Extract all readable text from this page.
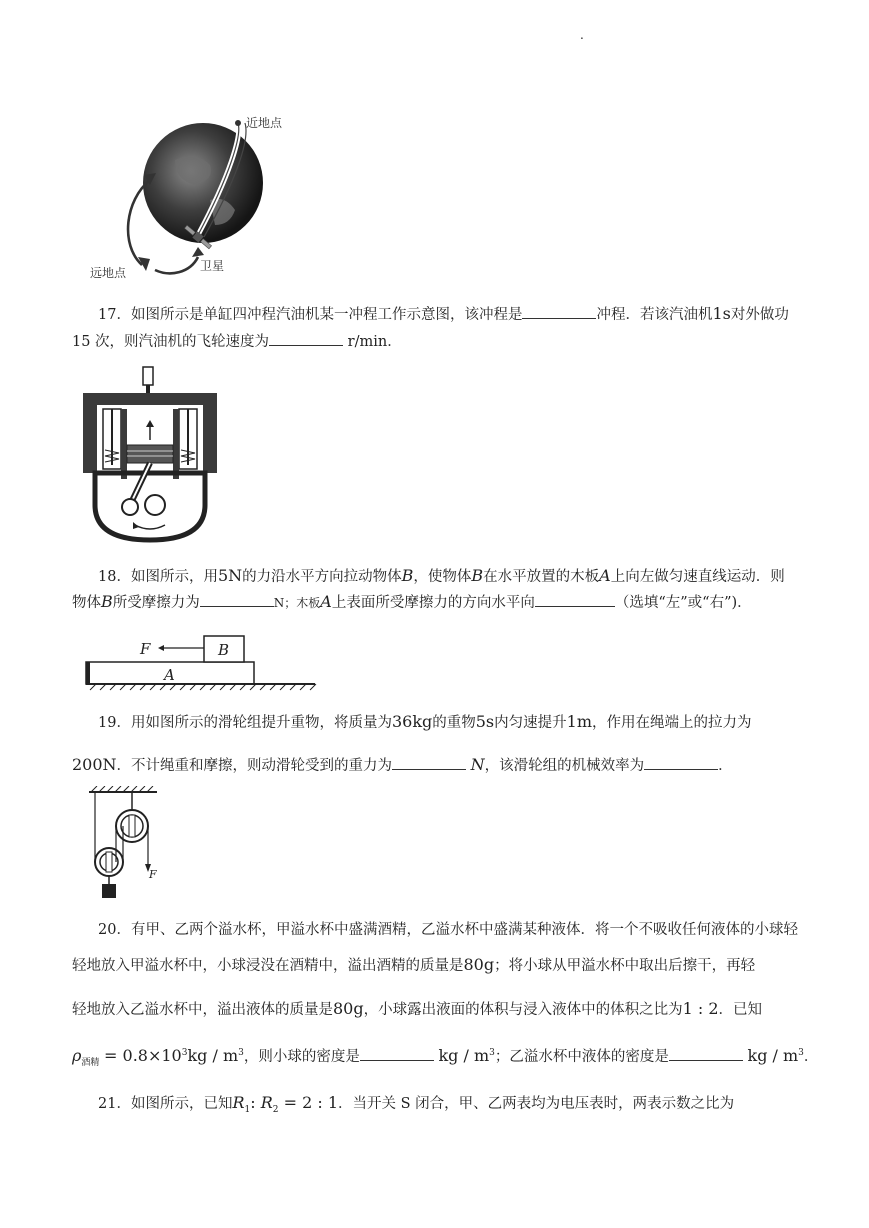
.
近地点
远地点	卫星
17．如图所示是单缸四冲程汽油机某一冲程工作示意图，该冲程是	冲程．若该汽油机1s对外做功
15 次，则汽油机的飞轮速度为	r/min．
18．如图所示，用5N的力沿水平方向拉动物体B，使物体B在水平放置的木板A上向左做匀速直线运动．则
物体B所受摩擦力为	N；木板A上表面所受摩擦力的方向水平向	（选填“左”或“右”)．
F	B
A
19．用如图所示的滑轮组提升重物，将质量为36kg的重物5s内匀速提升1m，作用在绳端上的拉力为
200N．不计绳重和摩擦，则动滑轮受到的重力为	N，该滑轮组的机械效率为	．
F
20．有甲、乙两个溢水杯，甲溢水杯中盛满酒精，乙溢水杯中盛满某种液体．将一个不吸收任何液体的小球轻
轻地放入甲溢水杯中，小球浸没在酒精中，溢出酒精的质量是80g；将小球从甲溢水杯中取出后擦干，再轻
轻地放入乙溢水杯中，溢出液体的质量是80g，小球露出液面的体积与浸入液体中的体积之比为1 : 2．已知
$\rho_{酒精} = 0.8\times 10^3kg / m^3$，则小球的密度是	kg / $m^3$；乙溢水杯中液体的密度是	kg / $m^3$．
21．如图所示，已知$R_1$: $R_2 = 2$ : 1．当开关 S 闭合，甲、乙两表均为电压表时，两表示数之比为
